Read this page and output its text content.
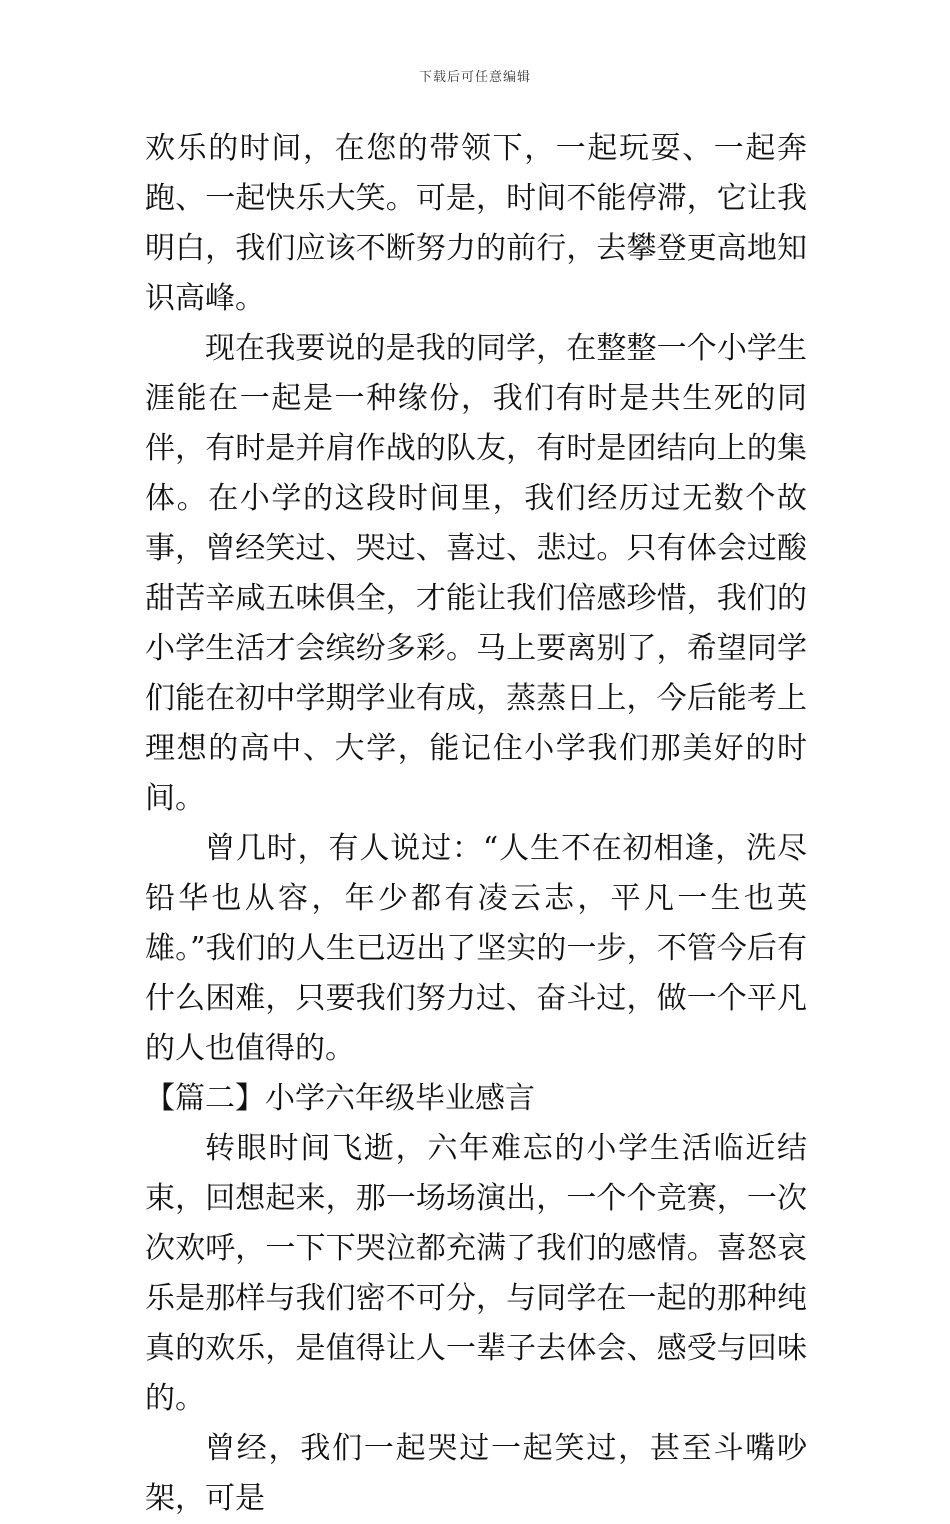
下载后可任意编辑

欢乐的时间，在您的带领下，一起玩耍、一起奔跑、一起快乐大笑。可是，时间不能停滞，它让我明白，我们应该不断努力的前行，去攀登更高地知识高峰。

现在我要说的是我的同学，在整整一个小学生涯能在一起是一种缘份，我们有时是共生死的同伴，有时是并肩作战的队友，有时是团结向上的集体。在小学的这段时间里，我们经历过无数个故事，曾经笑过、哭过、喜过、悲过。只有体会过酸甜苦辛咸五味俱全，才能让我们倍感珍惜，我们的小学生活才会缤纷多彩。马上要离别了，希望同学们能在初中学期学业有成，蒸蒸日上，今后能考上理想的高中、大学，能记住小学我们那美好的时间。

曾几时，有人说过：“人生不在初相逢，洗尽铅华也从容，年少都有凌云志，平凡一生也英雄。”我们的人生已迈出了坚实的一步，不管今后有什么困难，只要我们努力过、奋斗过，做一个平凡的人也值得的。

【篇二】小学六年级毕业感言

转眼时间飞逝，六年难忘的小学生活临近结束，回想起来，那一场场演出，一个个竞赛，一次次欢呼，一下下哭泣都充满了我们的感情。喜怒哀乐是那样与我们密不可分，与同学在一起的那种纯真的欢乐，是值得让人一辈子去体会、感受与回味的。

曾经，我们一起哭过一起笑过，甚至斗嘴吵架，可是
